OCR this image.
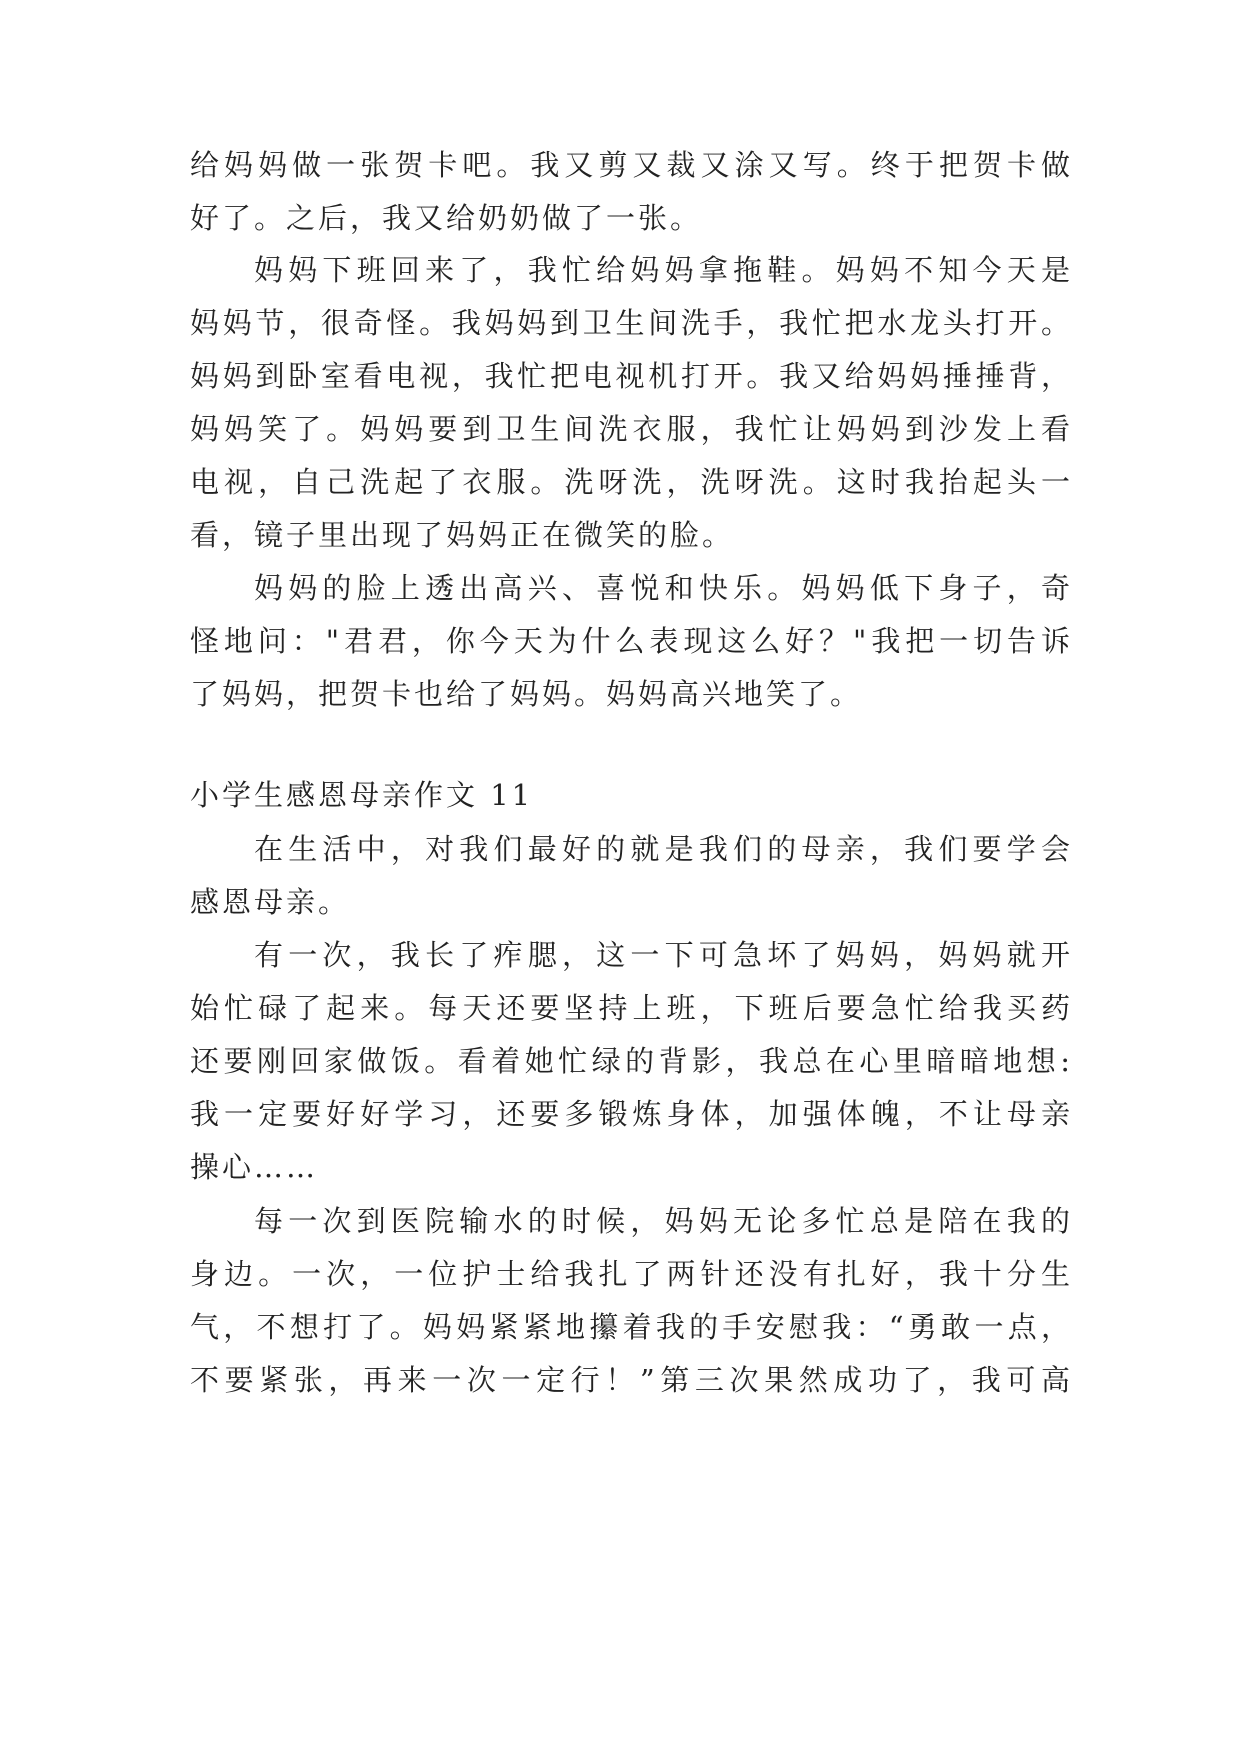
给妈妈做一张贺卡吧。我又剪又裁又涂又写。终于把贺卡做
好了。之后，我又给奶奶做了一张。
妈妈下班回来了，我忙给妈妈拿拖鞋。妈妈不知今天是
妈妈节，很奇怪。我妈妈到卫生间洗手，我忙把水龙头打开。
妈妈到卧室看电视，我忙把电视机打开。我又给妈妈捶捶背，
妈妈笑了。妈妈要到卫生间洗衣服，我忙让妈妈到沙发上看
电视，自己洗起了衣服。洗呀洗，洗呀洗。这时我抬起头一
看，镜子里出现了妈妈正在微笑的脸。
妈妈的脸上透出高兴、喜悦和快乐。妈妈低下身子，奇
怪地问："君君，你今天为什么表现这么好？"我把一切告诉
了妈妈，把贺卡也给了妈妈。妈妈高兴地笑了。
小学生感恩母亲作文 11
在生活中，对我们最好的就是我们的母亲，我们要学会
感恩母亲。
有一次，我长了痄腮，这一下可急坏了妈妈，妈妈就开
始忙碌了起来。每天还要坚持上班，下班后要急忙给我买药
还要刚回家做饭。看着她忙绿的背影，我总在心里暗暗地想:
我一定要好好学习，还要多锻炼身体，加强体魄，不让母亲
操心……
每一次到医院输水的时候，妈妈无论多忙总是陪在我的
身边。一次，一位护士给我扎了两针还没有扎好，我十分生
气，不想打了。妈妈紧紧地攥着我的手安慰我：“勇敢一点，
不要紧张，再来一次一定行！”第三次果然成功了，我可高
